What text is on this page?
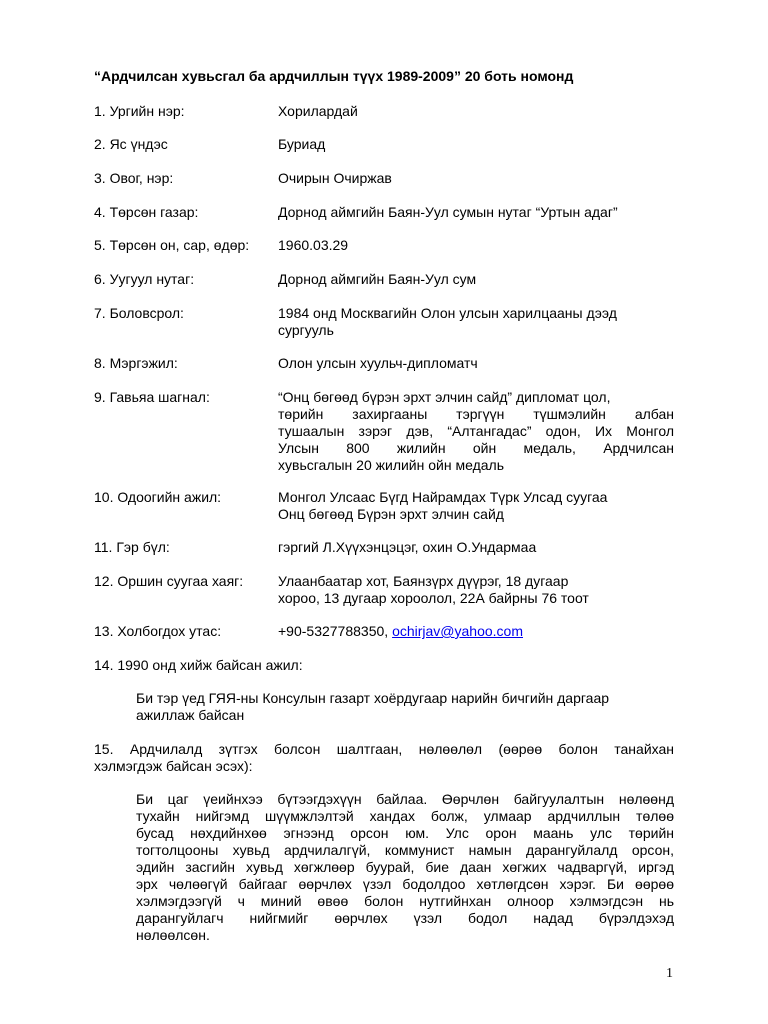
“Ардчилсан хувьсгал ба ардчиллын түүх 1989-2009” 20 боть номонд
1. Ургийн нэр:	Хорилардай
2. Яс үндэс	Буриад
3. Овог, нэр:	Очирын Очиржав
4. Төрсөн газар:	Дорнод аймгийн Баян-Уул сумын нутаг “Уртын адаг”
5. Төрсөн он, сар, өдөр: 1960.03.29
6. Уугуул нутаг:	Дорнод аймгийн Баян-Уул сум
7. Боловсрол:	1984 онд Москвагийн Олон улсын харилцааны дээд
сургууль
8. Мэргэжил:	Олон улсын хуульч-дипломатч
9. Гавьяа шагнал:	“Онц бөгөөд бүрэн эрхт элчин сайд” дипломат цол,
төрийн захиргааны тэргүүн түшмэлийн албан
тушаалын зэрэг дэв, “Алтангадас” одон, Их Монгол
Улсын 800 жилийн ойн медаль, Ардчилсан
хувьсгалын 20 жилийн ойн медаль
10. Одоогийн ажил:	Монгол Улсаас Бүгд Найрамдах Түрк Улсад суугаа
Онц бөгөөд Бүрэн эрхт элчин сайд
11. Гэр бүл:	гэргий Л.Хүүхэнцэцэг, охин О.Ундармаа
12. Оршин суугаа хаяг: Улаанбаатар хот, Баянзүрх дүүрэг, 18 дугаар
хороо, 13 дугаар хороолол, 22А байрны 76 тоот
13. Холбогдох утас:	+90-5327788350, ochirjav@yahoo.com
14. 1990 онд хийж байсан ажил:
Би тэр үед ГЯЯ-ны Консулын газарт хоёрдугаар нарийн бичгийн даргаар
ажиллаж байсан
15. Ардчилалд зүтгэх болсон шалтгаан, нөлөөлөл (өөрөө болон танайхан
хэлмэгдэж байсан эсэх):
Би цаг үеийнхээ бүтээгдэхүүн байлаа. Өөрчлөн байгуулалтын нөлөөнд
тухайн нийгэмд шүүмжлэлтэй хандах болж, улмаар ардчиллын төлөө
бусад нөхдийнхөө эгнээнд орсон юм. Улс орон маань улс төрийн
тогтолцооны хувьд ардчилалгүй, коммунист намын дарангуйлалд орсон,
эдийн засгийн хувьд хөгжлөөр буурай, бие даан хөгжих чадваргүй, иргэд
эрх чөлөөгүй байгааг өөрчлөх үзэл бодолдоо хөтлөгдсөн хэрэг. Би өөрөө
хэлмэгдээгүй ч миний өвөө болон нутгийнхан олноор хэлмэгдсэн нь
дарангуйлагч нийгмийг өөрчлөх үзэл бодол надад бүрэлдэхэд
нөлөөлсөн.
1
